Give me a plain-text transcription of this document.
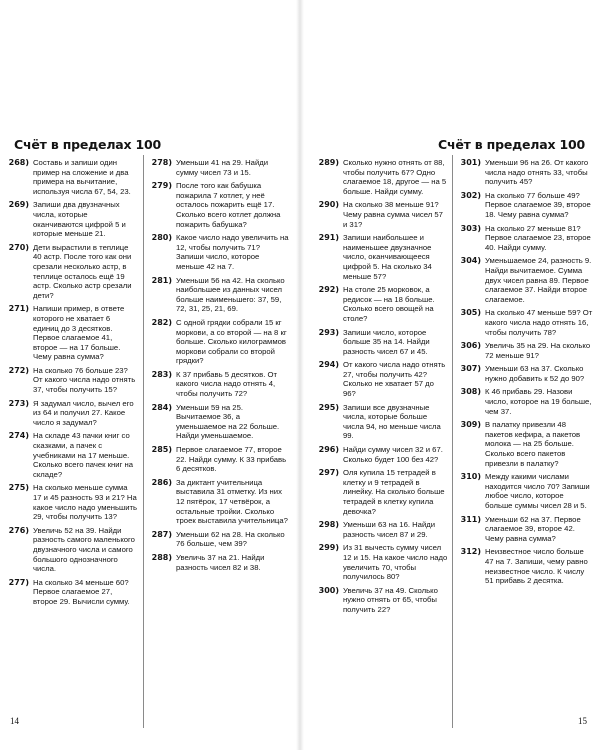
Счёт в пределах 100
14
Счёт в пределах 100
15
268) Составь и запиши один пример на сложение и два примера на вычитание, используя числа 67, 54, 23.
269) Запиши два двузначных числа, которые оканчиваются цифрой 5 и которые меньше 21.
270) Дети вырастили в теплице 40 астр. После того как они срезали несколько астр, в теплице осталось ещё 19 астр. Сколько астр срезали дети?
271) Напиши пример, в ответе которого не хватает 6 единиц до 3 десятков. Первое слагаемое 41, второе — на 17 больше. Чему равна сумма?
272) На сколько 76 больше 23? От какого числа надо отнять 37, чтобы получить 15?
273) Я задумал число, вычел его из 64 и получил 27. Какое число я задумал?
274) На складе 43 пачки книг со сказками, а пачек с учебниками на 17 меньше. Сколько всего пачек книг на складе?
275) На сколько меньше сумма 17 и 45 разность 93 и 21? На какое число надо уменьшить 29, чтобы получить 13?
276) Увеличь 52 на 39. Найди разность самого маленького двузначного числа и самого большого однозначного числа.
277) На сколько 34 меньше 60? Первое слагаемое 27, второе 29. Вычисли сумму.
278) Уменьши 41 на 29. Найди сумму чисел 73 и 15.
279) После того как бабушка пожарила 7 котлет, у неё осталось пожарить ещё 17. Сколько всего котлет должна пожарить бабушка?
280) Какое число надо увеличить на 12, чтобы получить 71? Запиши число, которое меньше 42 на 7.
281) Уменьши 56 на 42. На сколько наибольшее из данных чисел больше наименьшего: 37, 59, 72, 31, 25, 21, 69.
282) С одной грядки собрали 15 кг моркови, а со второй — на 8 кг больше. Сколько килограммов моркови собрали со второй грядки?
283) К 37 прибавь 5 десятков. От какого числа надо отнять 4, чтобы получить 72?
284) Уменьши 59 на 25. Вычитаемое 36, а уменьшаемое на 22 больше. Найди уменьшаемое.
285) Первое слагаемое 77, второе 22. Найди сумму. К 33 прибавь 6 десятков.
286) За диктант учительница выставила 31 отметку. Из них 12 пятёрок, 17 четвёрок, а остальные тройки. Сколько троек выставила учительница?
287) Уменьши 62 на 28. На сколько 76 больше, чем 39?
288) Увеличь 37 на 21. Найди разность чисел 82 и 38.
289) Сколько нужно отнять от 88, чтобы получить 67? Одно слагаемое 18, другое — на 5 больше. Найди сумму.
290) На сколько 38 меньше 91? Чему равна сумма чисел 57 и 31?
291) Запиши наибольшее и наименьшее двузначное число, оканчивающееся цифрой 5. На сколько 34 меньше 57?
292) На столе 25 морковок, а редисок — на 18 больше. Сколько всего овощей на столе?
293) Запиши число, которое больше 35 на 14. Найди разность чисел 67 и 45.
294) От какого числа надо отнять 27, чтобы получить 42? Сколько не хватает 57 до 96?
295) Запиши все двузначные числа, которые больше числа 94, но меньше числа 99.
296) Найди сумму чисел 32 и 67. Сколько будет 100 без 42?
297) Оля купила 15 тетрадей в клетку и 9 тетрадей в линейку. На сколько больше тетрадей в клетку купила девочка?
298) Уменьши 63 на 16. Найди разность чисел 87 и 29.
299) Из 31 вычесть сумму чисел 12 и 15. На какое число надо увеличить 70, чтобы получилось 80?
300) Увеличь 37 на 49. Сколько нужно отнять от 65, чтобы получить 22?
301) Уменьши 96 на 26. От какого числа надо отнять 33, чтобы получить 45?
302) На сколько 77 больше 49? Первое слагаемое 39, второе 18. Чему равна сумма?
303) На сколько 27 меньше 81? Первое слагаемое 23, второе 40. Найди сумму.
304) Уменьшаемое 24, разность 9. Найди вычитаемое. Сумма двух чисел равна 89. Первое слагаемое 37. Найди второе слагаемое.
305) На сколько 47 меньше 59? От какого числа надо отнять 16, чтобы получить 78?
306) Увеличь 35 на 29. На сколько 72 меньше 91?
307) Уменьши 63 на 37. Сколько нужно добавить к 52 до 90?
308) К 46 прибавь 29. Назови число, которое на 19 больше, чем 37.
309) В палатку привезли 48 пакетов кефира, а пакетов молока — на 25 больше. Сколько всего пакетов привезли в палатку?
310) Между какими числами находится число 70? Запиши любое число, которое больше суммы чисел 28 и 5.
311) Уменьши 62 на 37. Первое слагаемое 39, второе 42. Чему равна сумма?
312) Неизвестное число больше 47 на 7. Запиши, чему равно неизвестное число. К числу 51 прибавь 2 десятка.
